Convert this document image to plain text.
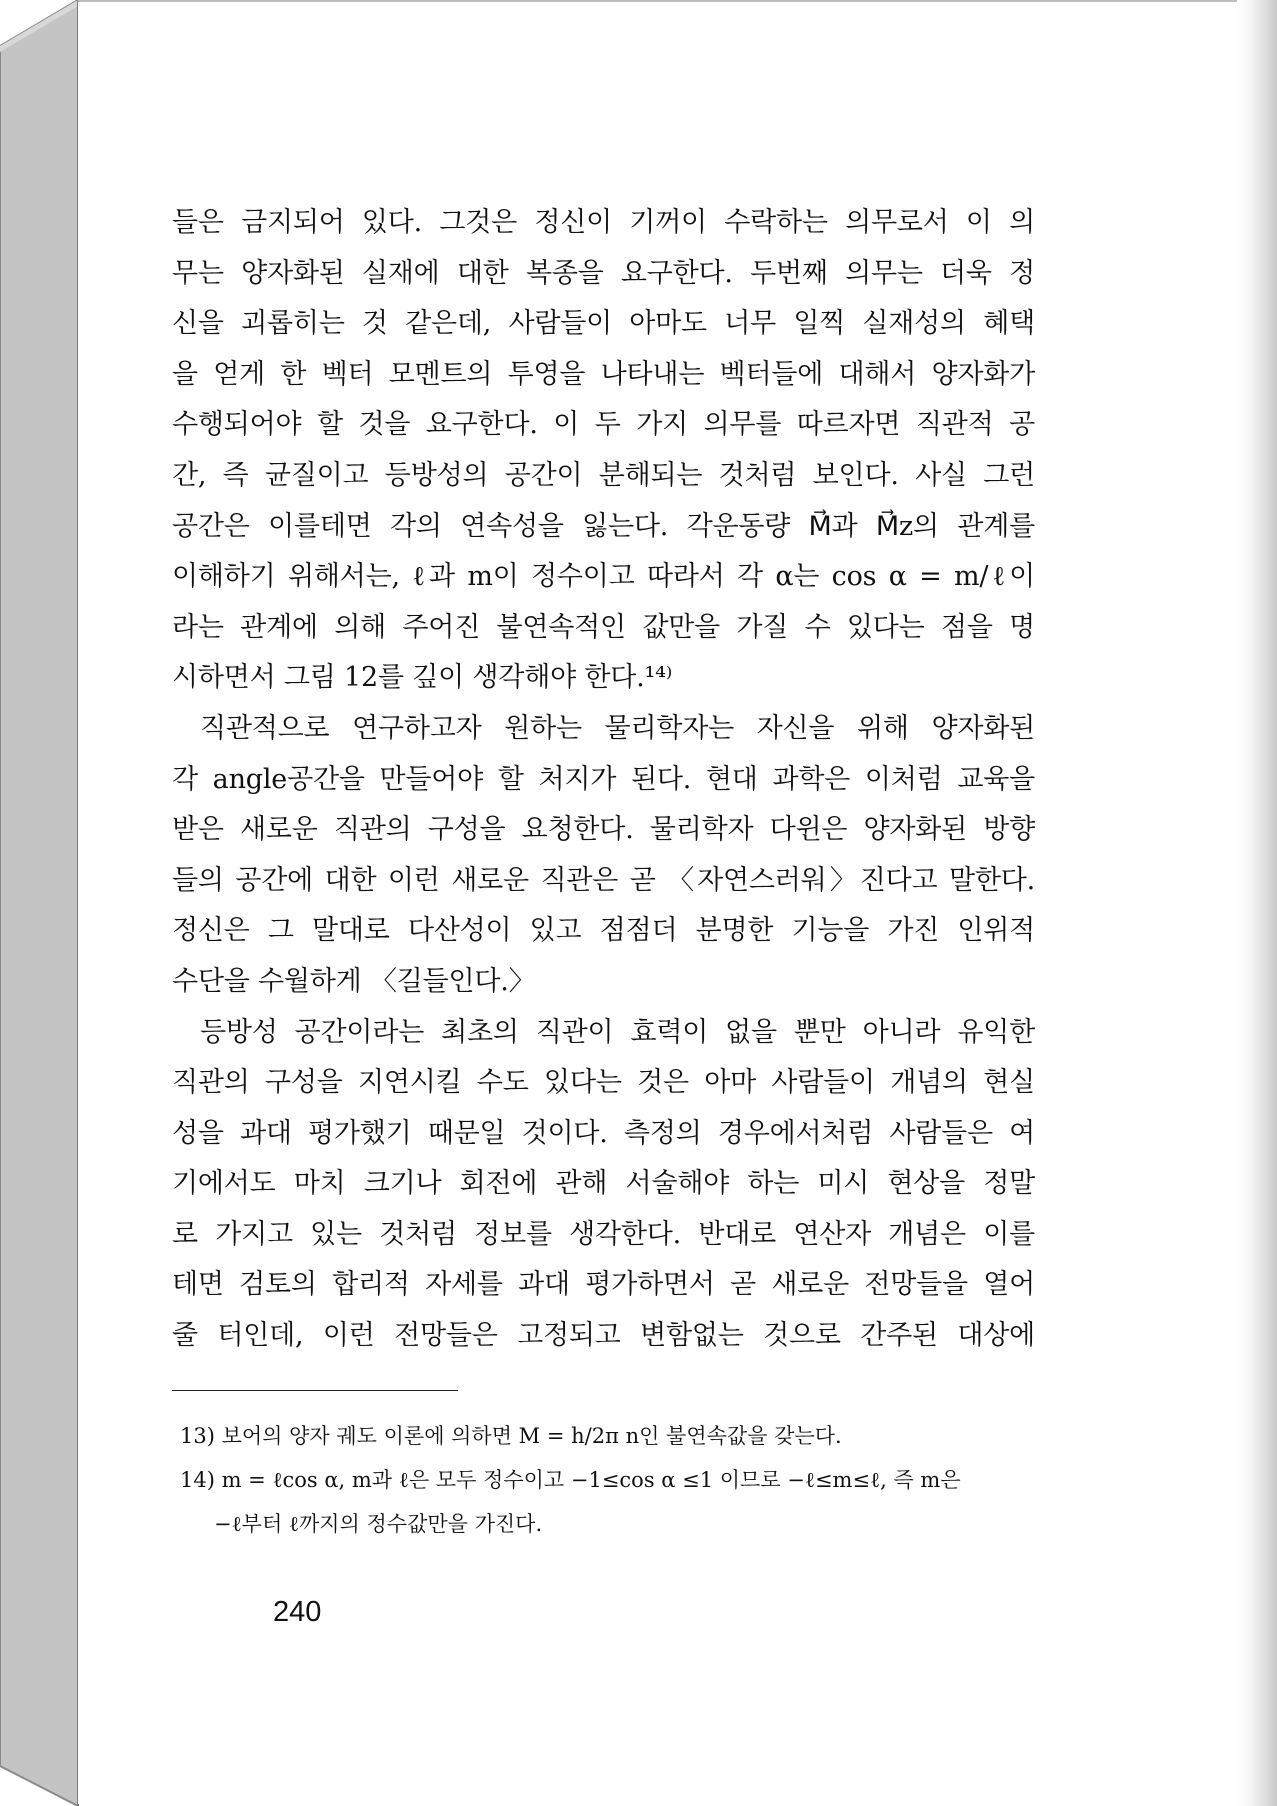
들은 금지되어 있다. 그것은 정신이 기꺼이 수락하는 의무로서 이 의
무는 양자화된 실재에 대한 복종을 요구한다. 두번째 의무는 더욱 정
신을 괴롭히는 것 같은데, 사람들이 아마도 너무 일찍 실재성의 혜택
을 얻게 한 벡터 모멘트의 투영을 나타내는 벡터들에 대해서 양자화가
수행되어야 할 것을 요구한다. 이 두 가지 의무를 따르자면 직관적 공
간, 즉 균질이고 등방성의 공간이 분해되는 것처럼 보인다. 사실 그런
공간은 이를테면 각의 연속성을 잃는다. 각운동량 M⃗과 M⃗z의 관계를
이해하기 위해서는, ℓ과 m이 정수이고 따라서 각 α는 cos α = m/ℓ이
라는 관계에 의해 주어진 불연속적인 값만을 가질 수 있다는 점을 명
시하면서 그림 12를 깊이 생각해야 한다.¹⁴⁾
직관적으로 연구하고자 원하는 물리학자는 자신을 위해 양자화된
각 angle공간을 만들어야 할 처지가 된다. 현대 과학은 이처럼 교육을
받은 새로운 직관의 구성을 요청한다. 물리학자 다윈은 양자화된 방향
들의 공간에 대한 이런 새로운 직관은 곧 〈자연스러워〉진다고 말한다.
정신은 그 말대로 다산성이 있고 점점더 분명한 기능을 가진 인위적
수단을 수월하게 〈길들인다.〉
등방성 공간이라는 최초의 직관이 효력이 없을 뿐만 아니라 유익한
직관의 구성을 지연시킬 수도 있다는 것은 아마 사람들이 개념의 현실
성을 과대 평가했기 때문일 것이다. 측정의 경우에서처럼 사람들은 여
기에서도 마치 크기나 회전에 관해 서술해야 하는 미시 현상을 정말
로 가지고 있는 것처럼 정보를 생각한다. 반대로 연산자 개념은 이를
테면 검토의 합리적 자세를 과대 평가하면서 곧 새로운 전망들을 열어
줄 터인데, 이런 전망들은 고정되고 변함없는 것으로 간주된 대상에
13) 보어의 양자 궤도 이론에 의하면 M = h/2π n인 불연속값을 갖는다.
14) m = ℓcos α, m과 ℓ은 모두 정수이고 −1≤cos α ≤1 이므로 −ℓ≤m≤ℓ, 즉 m은
−ℓ부터 ℓ까지의 정수값만을 가진다.
240
